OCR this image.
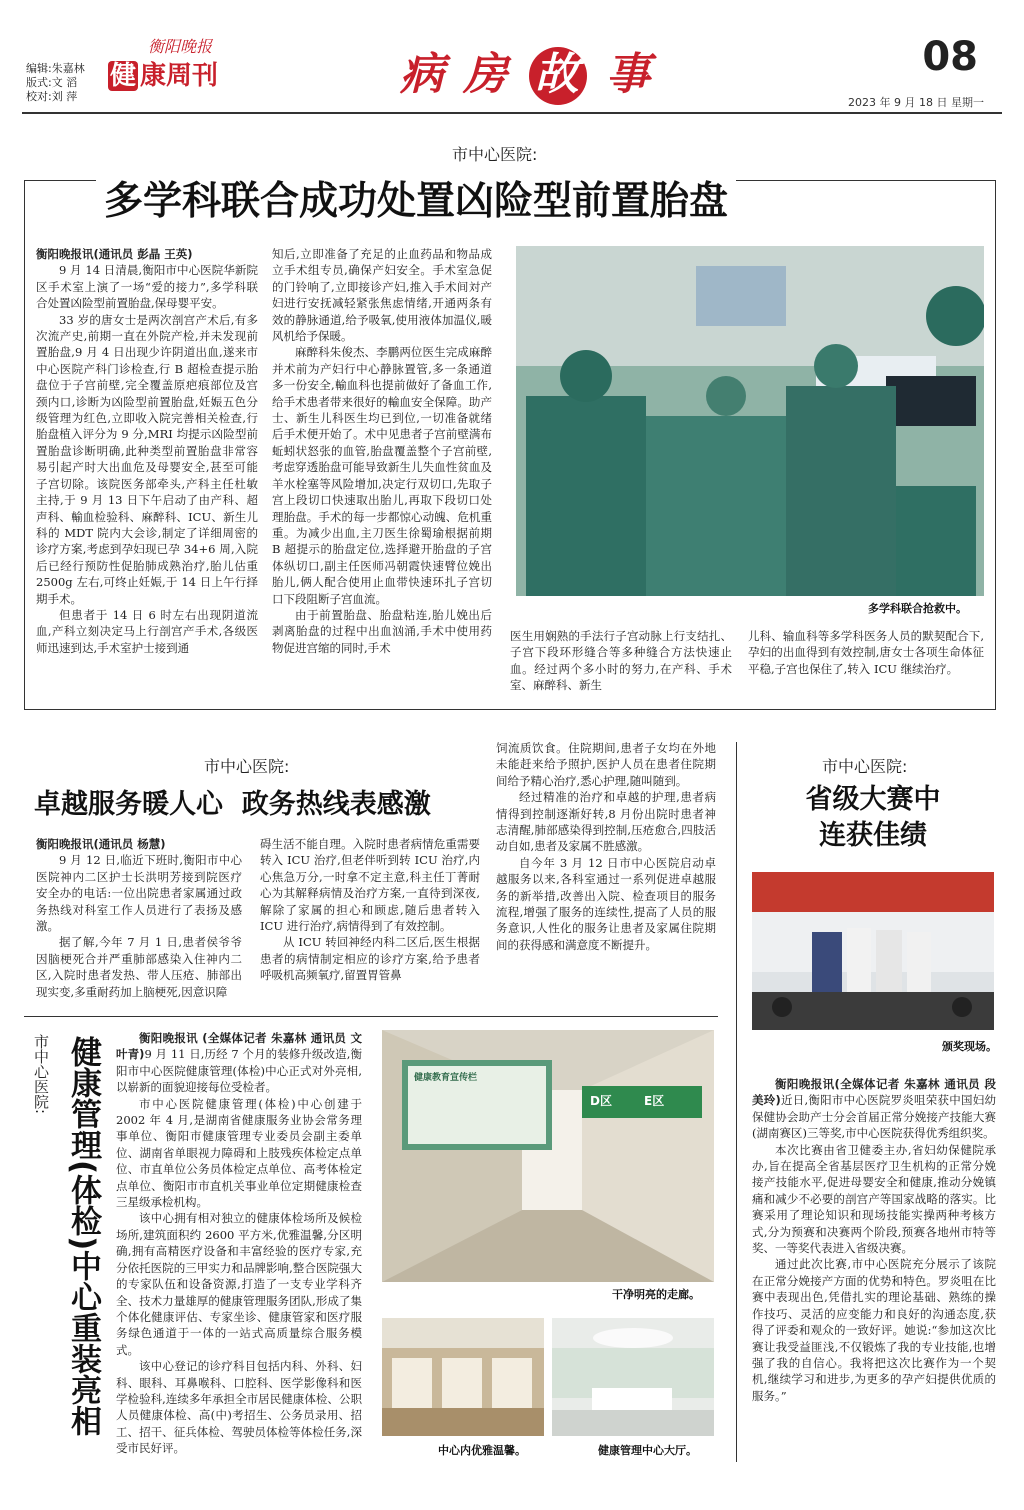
编辑:朱嘉林
版式:文 滔
校对:刘 萍
衡阳晚报
健 康周刊	病 房 故 事	08
2023 年 9 月 18 日 星期一
市中心医院:
多学科联合成功处置凶险型前置胎盘
衡阳晚报讯(通讯员 彭晶 王英)

9 月 14 日清晨,衡阳市中心医院华新院区手术室上演了一场“爱的接力”,多学科联合处置凶险型前置胎盘,保母婴平安。

33 岁的唐女士是两次剖宫产术后,有多次流产史,前期一直在外院产检,并未发现前置胎盘,9 月 4 日出现少许阴道出血,遂来市中心医院产科门诊检查,行 B 超检查提示胎盘位于子宫前壁,完全覆盖原疤痕部位及宫颈内口,诊断为凶险型前置胎盘,妊娠五色分级管理为红色,立即收入院完善相关检查,行胎盘植入评分为 9 分,MRI 均提示凶险型前置胎盘诊断明确,此种类型前置胎盘非常容易引起产时大出血危及母婴安全,甚至可能子宫切除。该院医务部牵头,产科主任杜敏主持,于 9 月 13 日下午启动了由产科、超声科、輸血检验科、麻醉科、ICU、新生儿科的 MDT 院内大会诊,制定了详细周密的诊疗方案,考虑到孕妇现已孕 34+6 周,入院后已经行预防性促胎肺成熟治疗,胎儿估重 2500g 左右,可终止妊娠,于 14 日上午行择期手术。

但患者于 14 日 6 时左右出现阴道流血,产科立刻决定马上行剖宫产手术,各级医师迅速到达,手术室护士接到通

知后,立即准备了充足的止血药品和物品成立手术组专员,确保产妇安全。手术室急促的门铃响了,立即接诊产妇,推入手术间対产妇进行安抚减轻紧张焦虑情绪,开通两条有效的静脉通道,给予吸氧,使用液体加温仪,暖风机给予保暖。

麻醉科朱俊杰、李鹏两位医生完成麻醉并术前为产妇行中心静脉置管,多一条通道多一份安全,輸血科也提前做好了备血工作,给手术患者带来很好的輸血安全保障。助产士、新生儿科医生均已到位,一切准备就绪后手术便开始了。术中见患者子宫前壁满布蚯蚓状怒张的血管,胎盘覆盖整个子宫前壁,考虑穿透胎盘可能导致新生儿失血性贫血及羊水栓塞等风险增加,决定行双切口,先取子宫上段切口快速取出胎儿,再取下段切口处理胎盘。手术的每一步都惊心动魄、危机重重。为减少出血,主刀医生徐蜀瑜根据前期 B 超提示的胎盘定位,选择避开胎盘的子宫体纵切口,副主任医师冯朝霞快速臂位娩出胎儿,俩人配合使用止血带快速环扎子宫切口下段阻断子宫血流。

由于前置胎盘、胎盘粘连,胎儿娩出后剥离胎盘的过程中出血汹涌,手术中使用药物促进宫缩的同时,手术

多学科联合抢救中。
医生用娴熟的手法行子宫动脉上行支结扎、子宫下段环形缝合等多种缝合方法快速止血。经过两个多小时的努力,在产科、手术室、麻醉科、新生
儿科、输血科等多学科医务人员的默契配合下,孕妇的出血得到有效控制,唐女士各项生命体征平稳,子宫也保住了,转入 ICU 继续治疗。
市中心医院:
卓越服务暖人心  政务热线表感激
衡阳晚报讯(通讯员 杨慧)

9 月 12 日,临近下班时,衡阳市中心医院神内二区护士长洪明芳接到院医疗安全办的电话:一位出院患者家属通过政务热线对科室工作人员进行了表扬及感激。

据了解,今年 7 月 1 日,患者侯爷爷因脑梗死合并严重肺部感染入住神内二区,入院时患者发热、带人压疮、肺部出现实变,多重耐药加上脑梗死,因意识障

碍生活不能自理。入院时患者病情危重需要转入 ICU 治疗,但老伴听到转 ICU 治疗,内心焦急万分,一时拿不定主意,科主任丁菁耐心为其解释病情及治疗方案,一直待到深夜,解除了家属的担心和顾虑,随后患者转入 ICU 进行治疗,病情得到了有效控制。

从 ICU 转回神经内科二区后,医生根据患者的病情制定相应的诊疗方案,给予患者呼吸机高频氧疗,留置胃管鼻

饲流质饮食。住院期间,患者子女均在外地未能赶来给予照护,医护人员在患者住院期间给予精心治疗,悉心护理,随叫随到。

经过精准的治疗和卓越的护理,患者病情得到控制逐渐好转,8 月份出院时患者神志清醒,肺部感染得到控制,压疮愈合,四肢活动自如,患者及家属不胜感激。

自今年 3 月 12 日市中心医院启动卓越服务以来,各科室通过一系列促进卓越服务的新举措,改善出入院、检查项目的服务流程,增强了服务的连续性,提高了人员的服务意识,人性化的服务让患者及家属住院期间的获得感和满意度不断提升。

市中心医院:
省级大赛中
连获佳绩
颁奖现场。

衡阳晚报讯(全媒体记者 朱嘉林 通讯员 段美玲)近日,衡阳市中心医院罗炎咀荣获中国妇幼保健协会助产士分会首届正常分娩接产技能大赛(湖南赛区)三等奖,市中心医院获得优秀组织奖。

本次比赛由省卫健委主办,省妇幼保健院承办,旨在提高全省基层医疗卫生机构的正常分娩接产技能水平,促进母婴安全和健康,推动分娩镇痛和减少不必要的剖宫产等国家战略的落实。比赛采用了理论知识和现场技能实操两种考核方式,分为预赛和决赛两个阶段,预赛各地州市特等奖、一等奖代表进入省级决赛。

通过此次比赛,市中心医院充分展示了该院在正常分娩接产方面的优势和特色。罗炎咀在比赛中表现出色,凭借扎实的理论基础、熟练的操作技巧、灵活的应变能力和良好的沟通态度,获得了评委和观众的一致好评。她说:“参加这次比赛让我受益匪浅,不仅锻炼了我的专业技能,也增强了我的自信心。我将把这次比赛作为一个契机,继续学习和进步,为更多的孕产妇提供优质的服务。”

市中心医院: 健康管理(体检)中心重装亮相	衡阳晚报讯 (全媒体记者 朱嘉林 通讯员 文叶青)9 月 11 日,历经 7 个月的装修升级改造,衡阳市中心医院健康管理(体检)中心正式对外亮相,以崭新的面貌迎接每位受检者。

市中心医院健康管理(体检)中心创建于 2002 年 4 月,是湖南省健康服务业协会常务理事单位、衡阳市健康管理专业委员会副主委单位、湖南省单眼视力障碍和上肢残疾体检定点单位、市直单位公务员体检定点单位、高考体检定点单位、衡阳市市直机关事业单位定期健康检查三星级承检机构。

该中心拥有相对独立的健康体检场所及候检场所,建筑面积约 2600 平方米,优雅温馨,分区明确,拥有高精医疗设备和丰富经验的医疗专家,充分依托医院的三甲实力和品牌影响,整合医院强大的专家队伍和设备资源,打造了一支专业学科齐全、技术力量雄厚的健康管理服务团队,形成了集个体化健康评估、专家坐诊、健康管家和医疗服务绿色通道于一体的一站式高质量综合服务模式。

该中心登记的诊疗科目包括内科、外科、妇科、眼科、耳鼻喉科、口腔科、医学影像科和医学检验科,连续多年承担全市居民健康体检、公职人员健康体检、高(中)考招生、公务员录用、招工、招干、征兵体检、驾驶员体检等体检任务,深受市民好评。

健康教育宣传栏
D区	E区
干净明亮的走廊。
中心内优雅温馨。	健康管理中心大厅。
